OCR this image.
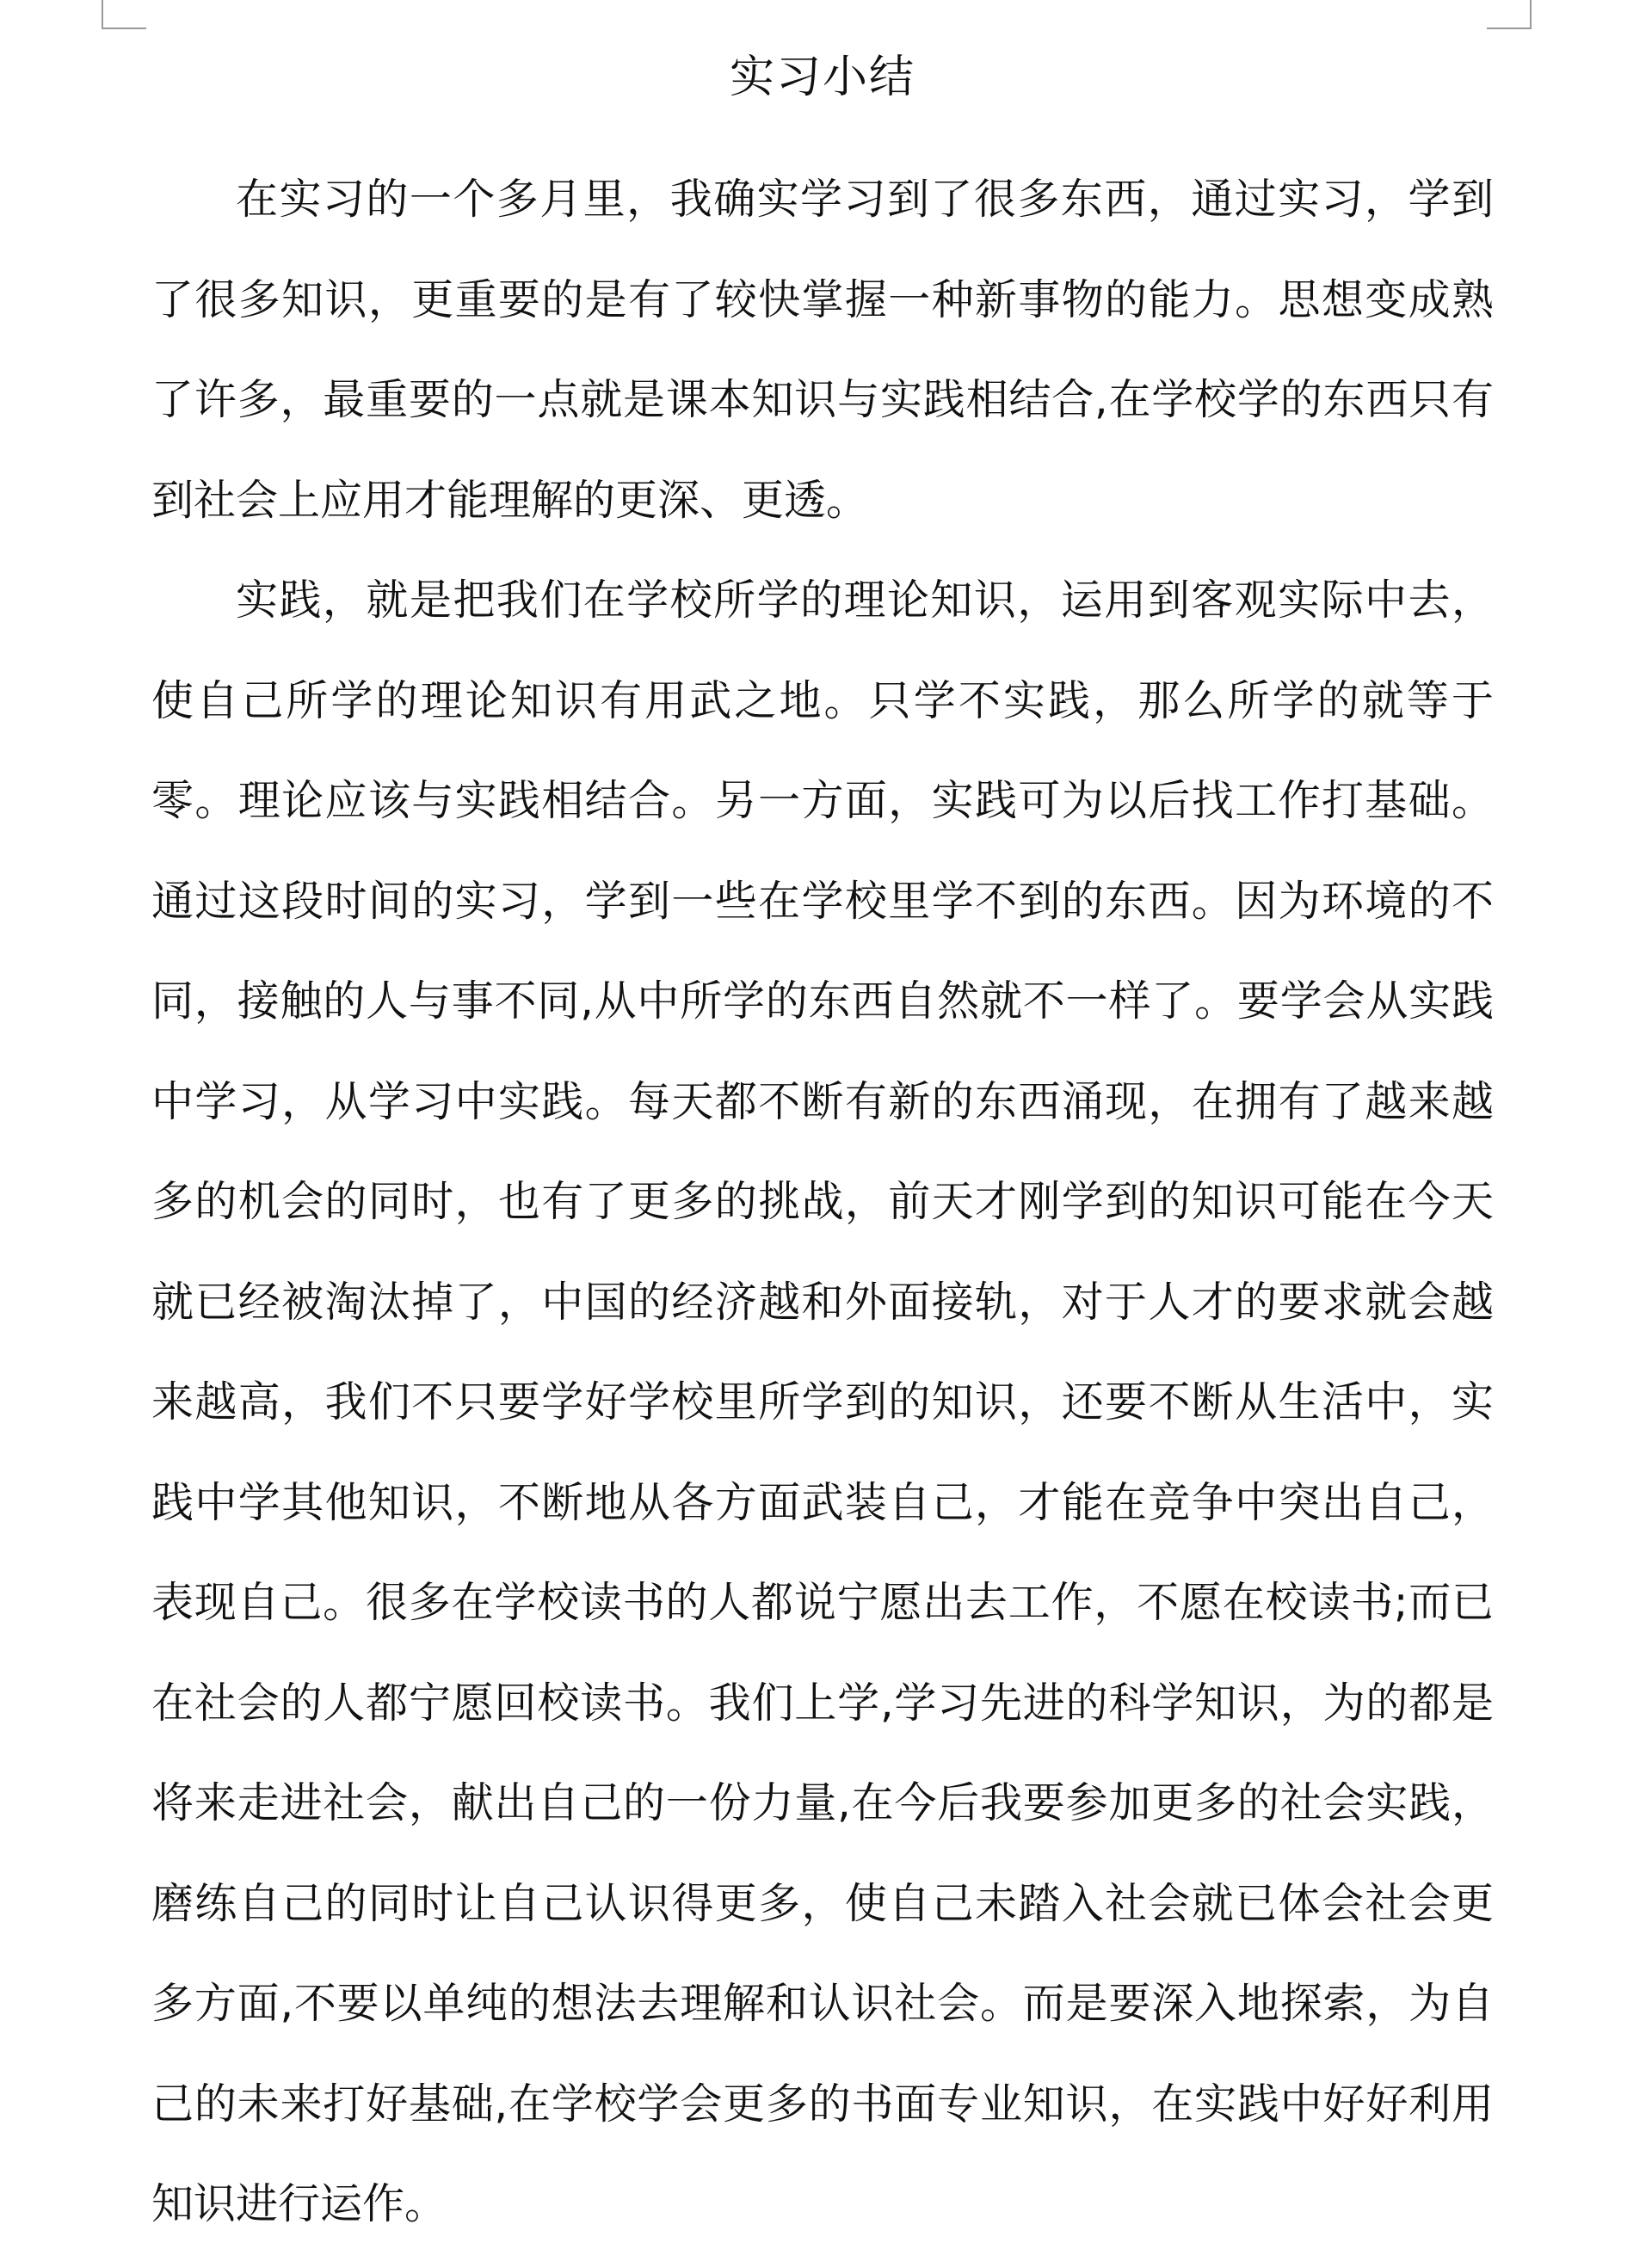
实习小结

在实习的一个多月里，我确实学习到了很多东西，通过实习，学到了很多知识，更重要的是有了较快掌握一种新事物的能力。思想变成熟了许多，最重要的一点就是课本知识与实践相结合,在学校学的东西只有到社会上应用才能理解的更深、更透。

实践，就是把我们在学校所学的理论知识，运用到客观实际中去，使自己所学的理论知识有用武之地。只学不实践，那么所学的就等于零。理论应该与实践相结合。另一方面，实践可为以后找工作打基础。通过这段时间的实习，学到一些在学校里学不到的东西。因为环境的不同，接触的人与事不同,从中所学的东西自然就不一样了。要学会从实践中学习，从学习中实践。每天都不断有新的东西涌现，在拥有了越来越多的机会的同时，也有了更多的挑战，前天才刚学到的知识可能在今天就已经被淘汰掉了，中国的经济越和外面接轨，对于人才的要求就会越来越高，我们不只要学好学校里所学到的知识，还要不断从生活中，实践中学其他知识，不断地从各方面武装自己，才能在竞争中突出自己，表现自己。很多在学校读书的人都说宁愿出去工作，不愿在校读书;而已在社会的人都宁愿回校读书。我们上学,学习先进的科学知识，为的都是将来走进社会，献出自己的一份力量,在今后我要参加更多的社会实践，磨练自己的同时让自己认识得更多，使自己未踏入社会就已体会社会更多方面,不要以单纯的想法去理解和认识社会。而是要深入地探索，为自己的未来打好基础,在学校学会更多的书面专业知识，在实践中好好利用知识进行运作。
